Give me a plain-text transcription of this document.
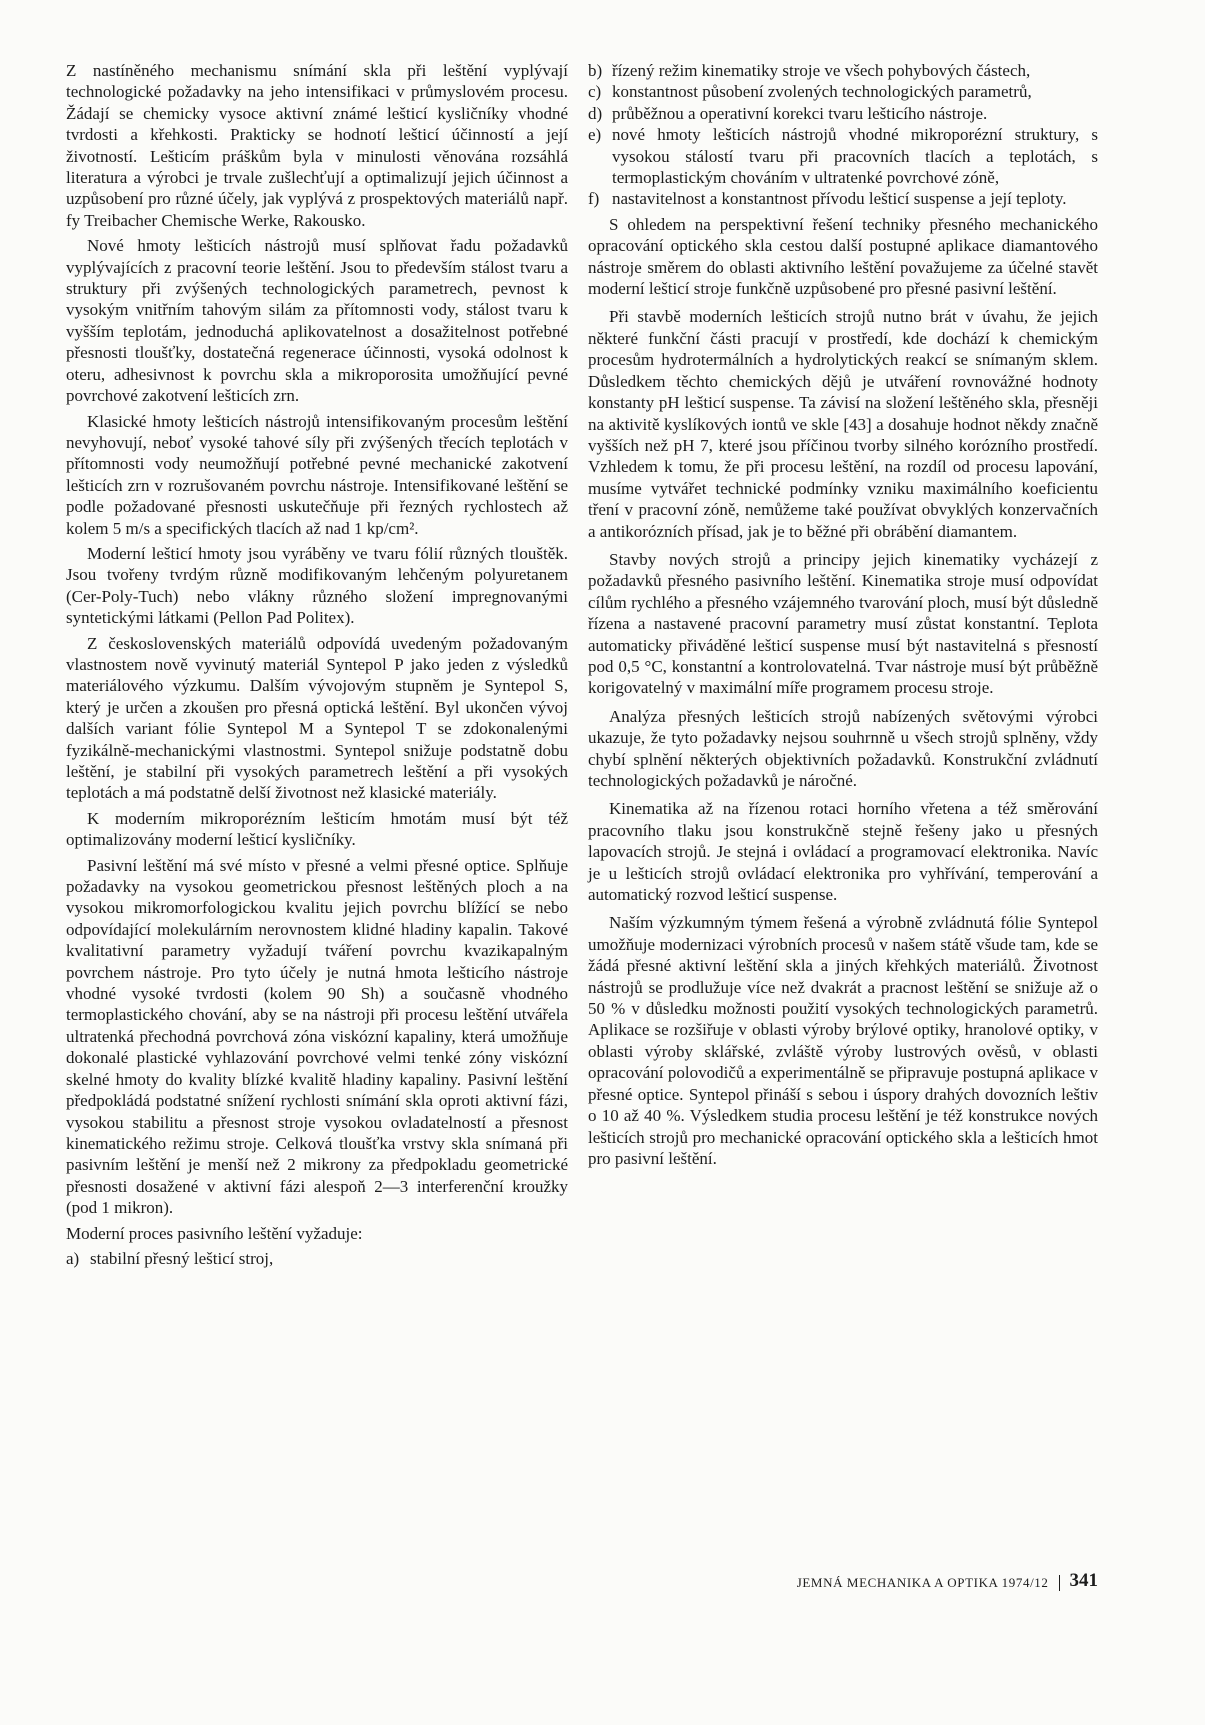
Z nastíněného mechanismu snímání skla při leštění vyplývají technologické požadavky na jeho intensifikaci v průmyslovém procesu. Žádají se chemicky vysoce aktivní známé lešticí kysličníky vhodné tvrdosti a křehkosti. Prakticky se hodnotí lešticí účinností a její životností. Lešticím práškům byla v minulosti věnována rozsáhlá literatura a výrobci je trvale zušlechťují a optimalizují jejich účinnost a uzpůsobení pro různé účely, jak vyplývá z prospektových materiálů např. fy Treibacher Chemische Werke, Rakousko.

Nové hmoty lešticích nástrojů musí splňovat řadu požadavků vyplývajících z pracovní teorie leštění. Jsou to především stálost tvaru a struktury při zvýšených technologických parametrech, pevnost k vysokým vnitřním tahovým silám za přítomnosti vody, stálost tvaru k vyšším teplotám, jednoduchá aplikovatelnost a dosažitelnost potřebné přesnosti tloušťky, dostatečná regenerace účinnosti, vysoká odolnost k oteru, adhesivnost k povrchu skla a mikroporosita umožňující pevné povrchové zakotvení lešticích zrn.

Klasické hmoty lešticích nástrojů intensifikovaným procesům leštění nevyhovují, neboť vysoké tahové síly při zvýšených třecích teplotách v přítomnosti vody neumožňují potřebné pevné mechanické zakotvení lešticích zrn v rozrušovaném povrchu nástroje. Intensifikované leštění se podle požadované přesnosti uskutečňuje při řezných rychlostech až kolem 5 m/s a specifických tlacích až nad 1 kp/cm².

Moderní lešticí hmoty jsou vyráběny ve tvaru fólií různých tlouštěk. Jsou tvořeny tvrdým různě modifikovaným lehčeným polyuretanem (Cer-Poly-Tuch) nebo vlákny různého složení impregnovanými syntetickými látkami (Pellon Pad Politex).

Z československých materiálů odpovídá uvedeným požadovaným vlastnostem nově vyvinutý materiál Syntepol P jako jeden z výsledků materiálového výzkumu. Dalším vývojovým stupněm je Syntepol S, který je určen a zkoušen pro přesná optická leštění. Byl ukončen vývoj dalších variant fólie Syntepol M a Syntepol T se zdokonalenými fyzikálně-mechanickými vlastnostmi. Syntepol snižuje podstatně dobu leštění, je stabilní při vysokých parametrech leštění a při vysokých teplotách a má podstatně delší životnost než klasické materiály.

K moderním mikroporézním lešticím hmotám musí být též optimalizovány moderní lešticí kysličníky.

Pasivní leštění má své místo v přesné a velmi přesné optice. Splňuje požadavky na vysokou geometrickou přesnost leštěných ploch a na vysokou mikromorfologickou kvalitu jejich povrchu blížící se nebo odpovídající molekulárním nerovnostem klidné hladiny kapalin. Takové kvalitativní parametry vyžadují tváření povrchu kvazikapalným povrchem nástroje. Pro tyto účely je nutná hmota lešticího nástroje vhodné vysoké tvrdosti (kolem 90 Sh) a současně vhodného termoplastického chování, aby se na nástroji při procesu leštění utvářela ultratenká přechodná povrchová zóna viskózní kapaliny, která umožňuje dokonalé plastické vyhlazování povrchové velmi tenké zóny viskózní skelné hmoty do kvality blízké kvalitě hladiny kapaliny. Pasivní leštění předpokládá podstatné snížení rychlosti snímání skla oproti aktivní fázi, vysokou stabilitu a přesnost stroje vysokou ovladatelností a přesnost kinematického režimu stroje. Celková tloušťka vrstvy skla snímaná při pasivním leštění je menší než 2 mikrony za předpokladu geometrické přesnosti dosažené v aktivní fázi alespoň 2—3 interferenční kroužky (pod 1 mikron).

Moderní proces pasivního leštění vyžaduje:

a) stabilní přesný lešticí stroj,
b) řízený režim kinematiky stroje ve všech pohybových částech,
c) konstantnost působení zvolených technologických parametrů,
d) průběžnou a operativní korekci tvaru lešticího nástroje.
e) nové hmoty lešticích nástrojů vhodné mikroporézní struktury, s vysokou stálostí tvaru při pracovních tlacích a teplotách, s termoplastickým chováním v ultratenké povrchové zóně,
f) nastavitelnost a konstantnost přívodu lešticí suspense a její teploty.

S ohledem na perspektivní řešení techniky přesného mechanického opracování optického skla cestou další postupné aplikace diamantového nástroje směrem do oblasti aktivního leštění považujeme za účelné stavět moderní lešticí stroje funkčně uzpůsobené pro přesné pasivní leštění.

Při stavbě moderních lešticích strojů nutno brát v úvahu, že jejich některé funkční části pracují v prostředí, kde dochází k chemickým procesům hydrotermálních a hydrolytických reakcí se snímaným sklem. Důsledkem těchto chemických dějů je utváření rovnovážné hodnoty konstanty pH lešticí suspense. Ta závisí na složení leštěného skla, přesněji na aktivitě kyslíkových iontů ve skle [43] a dosahuje hodnot někdy značně vyšších než pH 7, které jsou příčinou tvorby silného korózního prostředí. Vzhledem k tomu, že při procesu leštění, na rozdíl od procesu lapování, musíme vytvářet technické podmínky vzniku maximálního koeficientu tření v pracovní zóně, nemůžeme také používat obvyklých konzervačních a antikorózních přísad, jak je to běžné při obrábění diamantem.

Stavby nových strojů a principy jejich kinematiky vycházejí z požadavků přesného pasivního leštění. Kinematika stroje musí odpovídat cílům rychlého a přesného vzájemného tvarování ploch, musí být důsledně řízena a nastavené pracovní parametry musí zůstat konstantní. Teplota automaticky přiváděné lešticí suspense musí být nastavitelná s přesností pod 0,5 °C, konstantní a kontrolovatelná. Tvar nástroje musí být průběžně korigovatelný v maximální míře programem procesu stroje.

Analýza přesných lešticích strojů nabízených světovými výrobci ukazuje, že tyto požadavky nejsou souhrnně u všech strojů splněny, vždy chybí splnění některých objektivních požadavků. Konstrukční zvládnutí technologických požadavků je náročné.

Kinematika až na řízenou rotaci horního vřetena a též směrování pracovního tlaku jsou konstrukčně stejně řešeny jako u přesných lapovacích strojů. Je stejná i ovládací a programovací elektronika. Navíc je u lešticích strojů ovládací elektronika pro vyhřívání, temperování a automatický rozvod lešticí suspense.

Naším výzkumným týmem řešená a výrobně zvládnutá fólie Syntepol umožňuje modernizaci výrobních procesů v našem státě všude tam, kde se žádá přesné aktivní leštění skla a jiných křehkých materiálů. Životnost nástrojů se prodlužuje více než dvakrát a pracnost leštění se snižuje až o 50 % v důsledku možnosti použití vysokých technologických parametrů. Aplikace se rozšiřuje v oblasti výroby brýlové optiky, hranolové optiky, v oblasti výroby sklářské, zvláště výroby lustrových ověsů, v oblasti opracování polovodičů a experimentálně se připravuje postupná aplikace v přesné optice. Syntepol přináší s sebou i úspory drahých dovozních leštiv o 10 až 40 %. Výsledkem studia procesu leštění je též konstrukce nových lešticích strojů pro mechanické opracování optického skla a lešticích hmot pro pasivní leštění.

JEMNÁ MECHANIKA A OPTIKA 1974/12	341
